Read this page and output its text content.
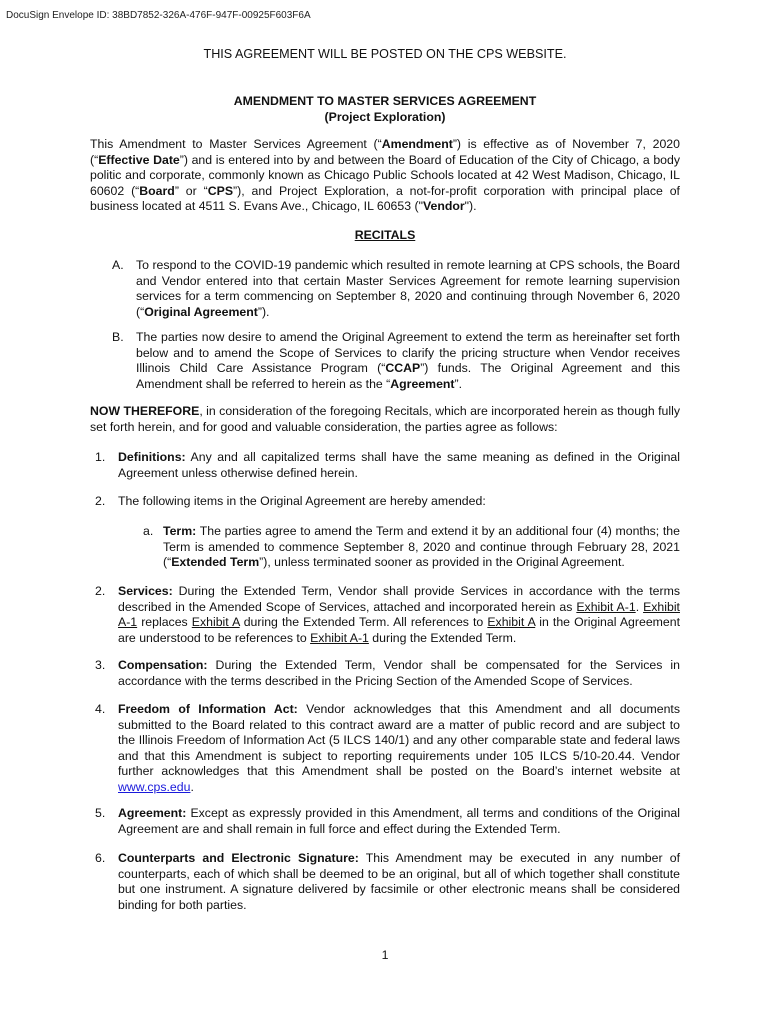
DocuSign Envelope ID: 38BD7852-326A-476F-947F-00925F603F6A
THIS AGREEMENT WILL BE POSTED ON THE CPS WEBSITE.
AMENDMENT TO MASTER SERVICES AGREEMENT
(Project Exploration)
This Amendment to Master Services Agreement (“Amendment”) is effective as of November 7, 2020 (“Effective Date”) and is entered into by and between the Board of Education of the City of Chicago, a body politic and corporate, commonly known as Chicago Public Schools located at 42 West Madison, Chicago, IL 60602 (“Board” or “CPS”), and Project Exploration, a not-for-profit corporation with principal place of business located at 4511 S. Evans Ave., Chicago, IL 60653 ("Vendor").
RECITALS
A. To respond to the COVID-19 pandemic which resulted in remote learning at CPS schools, the Board and Vendor entered into that certain Master Services Agreement for remote learning supervision services for a term commencing on September 8, 2020 and continuing through November 6, 2020 (“Original Agreement”).
B. The parties now desire to amend the Original Agreement to extend the term as hereinafter set forth below and to amend the Scope of Services to clarify the pricing structure when Vendor receives Illinois Child Care Assistance Program (“CCAP”) funds. The Original Agreement and this Amendment shall be referred to herein as the “Agreement”.
NOW THEREFORE, in consideration of the foregoing Recitals, which are incorporated herein as though fully set forth herein, and for good and valuable consideration, the parties agree as follows:
1. Definitions: Any and all capitalized terms shall have the same meaning as defined in the Original Agreement unless otherwise defined herein.
2. The following items in the Original Agreement are hereby amended:
a. Term: The parties agree to amend the Term and extend it by an additional four (4) months; the Term is amended to commence September 8, 2020 and continue through February 28, 2021 (“Extended Term”), unless terminated sooner as provided in the Original Agreement.
2. Services: During the Extended Term, Vendor shall provide Services in accordance with the terms described in the Amended Scope of Services, attached and incorporated herein as Exhibit A-1. Exhibit A-1 replaces Exhibit A during the Extended Term. All references to Exhibit A in the Original Agreement are understood to be references to Exhibit A-1 during the Extended Term.
3. Compensation: During the Extended Term, Vendor shall be compensated for the Services in accordance with the terms described in the Pricing Section of the Amended Scope of Services.
4. Freedom of Information Act: Vendor acknowledges that this Amendment and all documents submitted to the Board related to this contract award are a matter of public record and are subject to the Illinois Freedom of Information Act (5 ILCS 140/1) and any other comparable state and federal laws and that this Amendment is subject to reporting requirements under 105 ILCS 5/10-20.44. Vendor further acknowledges that this Amendment shall be posted on the Board’s internet website at www.cps.edu.
5. Agreement: Except as expressly provided in this Amendment, all terms and conditions of the Original Agreement are and shall remain in full force and effect during the Extended Term.
6. Counterparts and Electronic Signature: This Amendment may be executed in any number of counterparts, each of which shall be deemed to be an original, but all of which together shall constitute but one instrument. A signature delivered by facsimile or other electronic means shall be considered binding for both parties.
1
